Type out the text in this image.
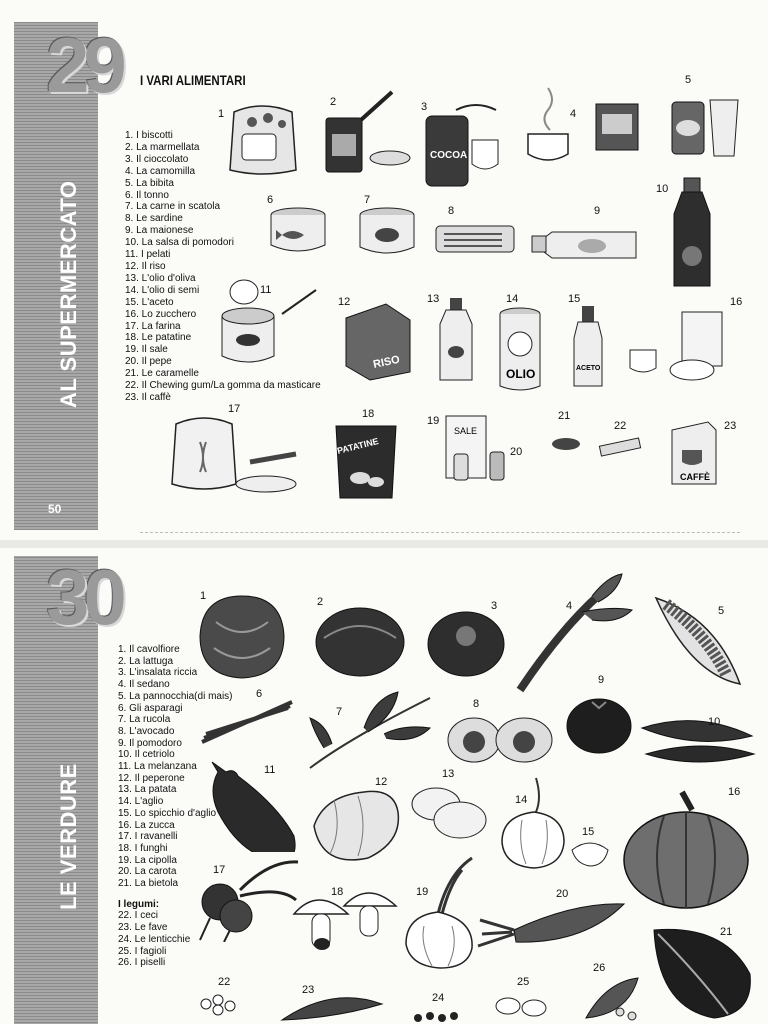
29
AL SUPERMERCATO
50
I VARI ALIMENTARI
1. I biscotti
2. La marmellata
3. Il cioccolato
4. La camomilla
5. La bibita
6. Il tonno
7. La carne in scatola
8. Le sardine
9. La maionese
10. La salsa di pomodori
11. I pelati
12. Il riso
13. L'olio d'oliva
14. L'olio di semi
15. L'aceto
16. Lo zucchero
17. La farina
18. Le patatine
19. Il sale
20. Il pepe
21. Le caramelle
22. Il Chewing gum/La gomma da masticare
23. Il caffè
COCOA
RISO
OLIO	ACETO
PATATINE
SALE
CAFFÈ
1
2	3
4
5
6	7
8	9
10
11
12	13	14	15	16
17	18
19
20
21
22	23
30
LE VERDURE
1. Il cavolfiore
2. La lattuga
3. L'insalata riccia
4. Il sedano
5. La pannocchia(di mais)
6. Gli asparagi
7. La rucola
8. L'avocado
9. Il pomodoro
10. Il cetriolo
11. La melanzana
12. Il peperone
13. La patata
14. L'aglio
15. Lo spicchio d'aglio
16. La zucca
17. I ravanelli
18. I funghi
19. La cipolla
20. La carota
21. La bietola
I legumi:
22. I ceci
23. Le fave
24. Le lenticchie
25. I fagioli
26. I piselli
1	2	3	4	5
6
7
8
9
10
11
12
13
14
15
16
17
18	19	20
21
22
23
24
25
26
